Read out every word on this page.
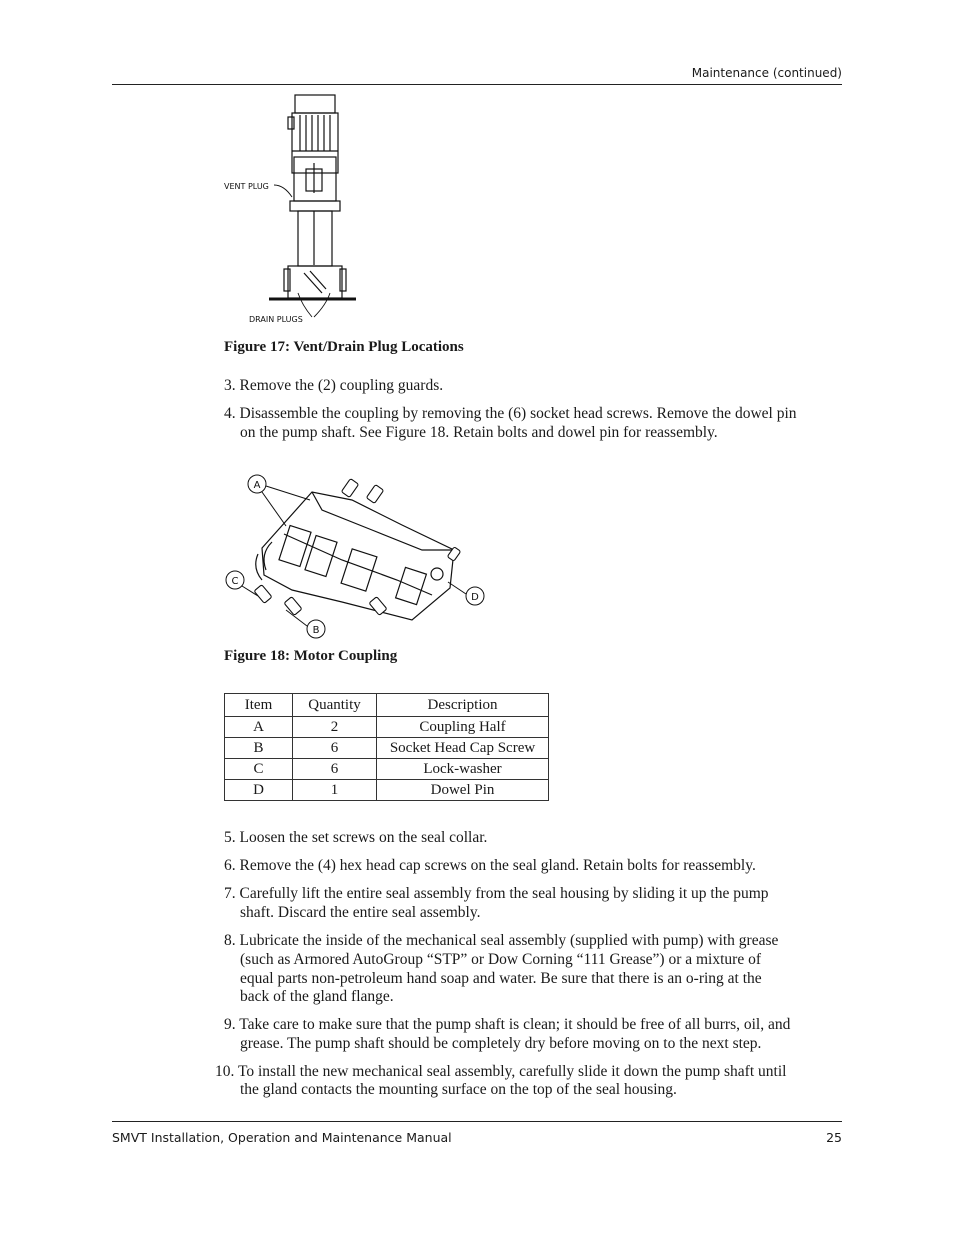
Maintenance (continued)
VENT PLUG
DRAIN PLUGS
Figure 17: Vent/Drain Plug Locations
3. Remove the (2) coupling guards.
4. Disassemble the coupling by removing the (6) socket head screws. Remove the dowel pin
on the pump shaft. See Figure 18. Retain bolts and dowel pin for reassembly.
A
C
B
D
Figure 18: Motor Coupling
Item	Quantity	Description
A	2	Coupling Half
B	6	Socket Head Cap Screw
C	6	Lock-washer
D	1	Dowel Pin
5. Loosen the set screws on the seal collar.
6. Remove the (4) hex head cap screws on the seal gland. Retain bolts for reassembly.
7. Carefully lift the entire seal assembly from the seal housing by sliding it up the pump
shaft. Discard the entire seal assembly.
8. Lubricate the inside of the mechanical seal assembly (supplied with pump) with grease
(such as Armored AutoGroup “STP” or Dow Corning “111 Grease”) or a mixture of
equal parts non-petroleum hand soap and water. Be sure that there is an o-ring at the
back of the gland flange.
9. Take care to make sure that the pump shaft is clean; it should be free of all burrs, oil, and
grease. The pump shaft should be completely dry before moving on to the next step.
10. To install the new mechanical seal assembly, carefully slide it down the pump shaft until
the gland contacts the mounting surface on the top of the seal housing.
SMVT Installation, Operation and Maintenance Manual	25
